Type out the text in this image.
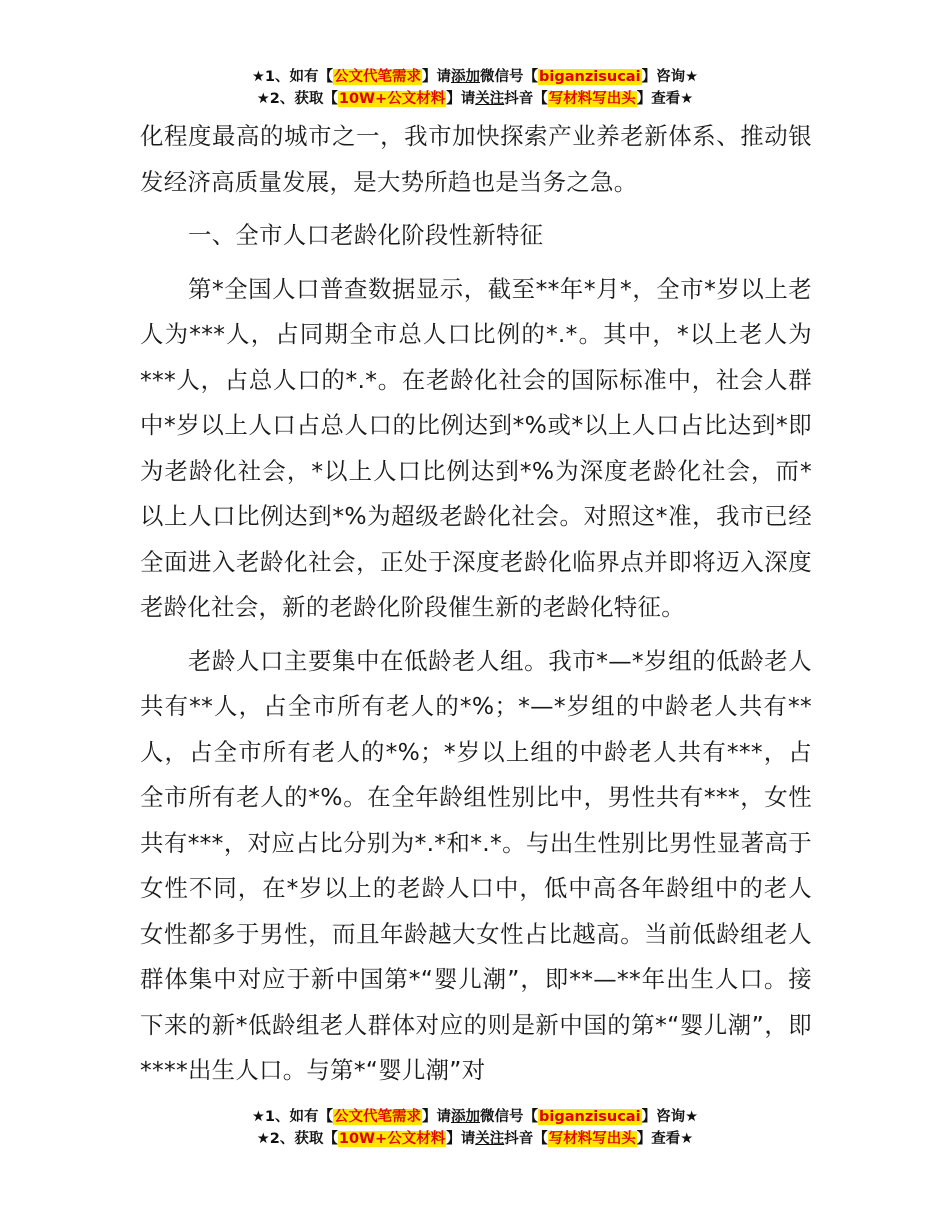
★1、如有【公文代笔需求】请添加微信号【biganzisucai】咨询★
★2、获取【10W+公文材料】请关注抖音【写材料写出头】查看★

化程度最高的城市之一，我市加快探索产业养老新体系、推动银发经济高质量发展，是大势所趋也是当务之急。

一、全市人口老龄化阶段性新特征

第*全国人口普查数据显示，截至**年*月*，全市*岁以上老人为***人，占同期全市总人口比例的*.*。其中，*以上老人为***人，占总人口的*.*。在老龄化社会的国际标准中，社会人群中*岁以上人口占总人口的比例达到*%或*以上人口占比达到*即为老龄化社会，*以上人口比例达到*%为深度老龄化社会，而*以上人口比例达到*%为超级老龄化社会。对照这*准，我市已经全面进入老龄化社会，正处于深度老龄化临界点并即将迈入深度老龄化社会，新的老龄化阶段催生新的老龄化特征。

老龄人口主要集中在低龄老人组。我市*—*岁组的低龄老人共有**人，占全市所有老人的*%；*—*岁组的中龄老人共有**人，占全市所有老人的*%；*岁以上组的中龄老人共有***，占全市所有老人的*%。在全年龄组性别比中，男性共有***，女性共有***，对应占比分别为*.*和*.*。与出生性别比男性显著高于女性不同，在*岁以上的老龄人口中，低中高各年龄组中的老人女性都多于男性，而且年龄越大女性占比越高。当前低龄组老人群体集中对应于新中国第*“婴儿潮”，即**—**年出生人口。接下来的新*低龄组老人群体对应的则是新中国的第*“婴儿潮”，即****出生人口。与第*“婴儿潮”对

★1、如有【公文代笔需求】请添加微信号【biganzisucai】咨询★
★2、获取【10W+公文材料】请关注抖音【写材料写出头】查看★
